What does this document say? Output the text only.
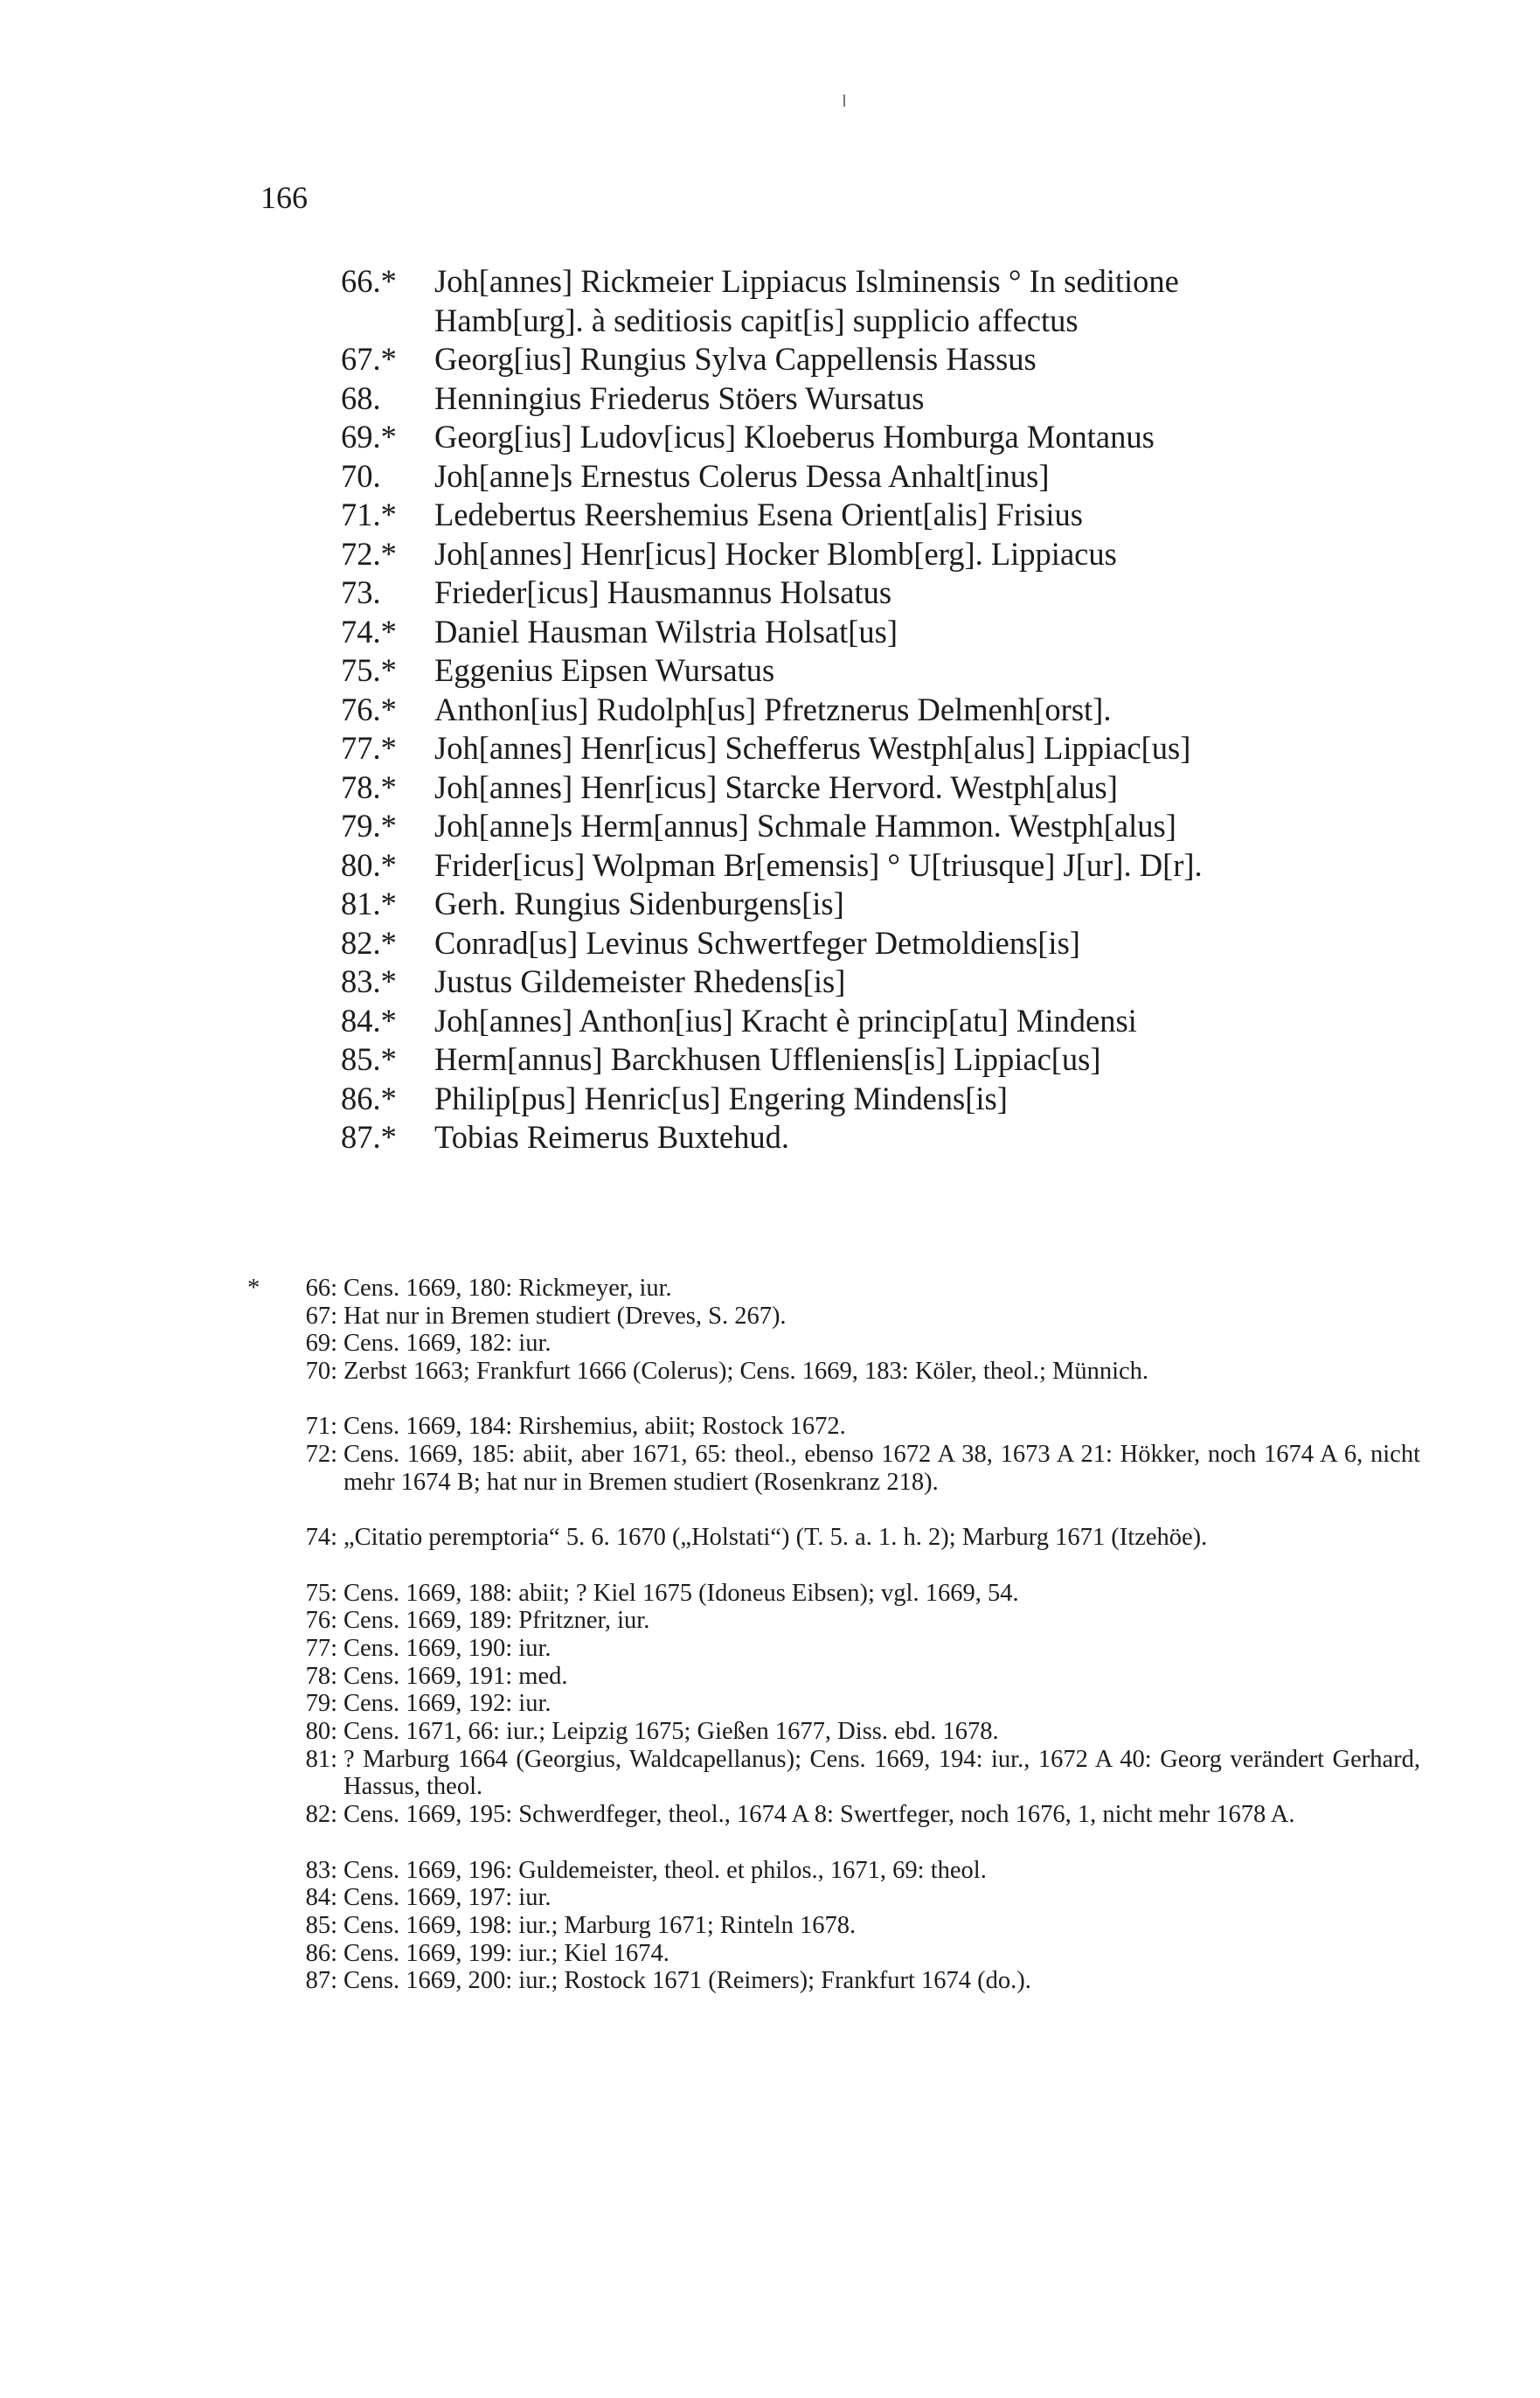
166
66.* Joh[annes] Rickmeier Lippiacus Islminensis ° In seditione
Hamb[urg]. à seditiosis capit[is] supplicio affectus
67.* Georg[ius] Rungius Sylva Cappellensis Hassus
68. Henningius Friederus Stöers Wursatus
69.* Georg[ius] Ludov[icus] Kloeberus Homburga Montanus
70. Joh[anne]s Ernestus Colerus Dessa Anhalt[inus]
71.* Ledebertus Reershemius Esena Orient[alis] Frisius
72.* Joh[annes] Henr[icus] Hocker Blomb[erg]. Lippiacus
73. Frieder[icus] Hausmannus Holsatus
74.* Daniel Hausman Wilstria Holsat[us]
75.* Eggenius Eipsen Wursatus
76.* Anthon[ius] Rudolph[us] Pfretznerus Delmenh[orst].
77.* Joh[annes] Henr[icus] Schefferus Westph[alus] Lippiac[us]
78.* Joh[annes] Henr[icus] Starcke Hervord. Westph[alus]
79.* Joh[anne]s Herm[annus] Schmale Hammon. Westph[alus]
80.* Frider[icus] Wolpman Br[emensis] ° U[triusque] J[ur]. D[r].
81.* Gerh. Rungius Sidenburgens[is]
82.* Conrad[us] Levinus Schwertfeger Detmoldiens[is]
83.* Justus Gildemeister Rhedens[is]
84.* Joh[annes] Anthon[ius] Kracht è princip[atu] Mindensi
85.* Herm[annus] Barckhusen Uffleniens[is] Lippiac[us]
86.* Philip[pus] Henric[us] Engering Mindens[is]
87.* Tobias Reimerus Buxtehud.
*	66: Cens. 1669, 180: Rickmeyer, iur.
67: Hat nur in Bremen studiert (Dreves, S. 267).
69: Cens. 1669, 182: iur.
70: Zerbst 1663; Frankfurt 1666 (Colerus); Cens. 1669, 183: Köler, theol.; Münnich.
71: Cens. 1669, 184: Rirshemius, abiit; Rostock 1672.
72: Cens. 1669, 185: abiit, aber 1671, 65: theol., ebenso 1672 A 38, 1673 A 21: Hökker, noch 1674 A 6, nicht mehr 1674 B; hat nur in Bremen studiert (Rosenkranz 218).
74: „Citatio peremptoria“ 5. 6. 1670 („Holstati“) (T. 5. a. 1. h. 2); Marburg 1671 (Itzehöe).
75: Cens. 1669, 188: abiit; ? Kiel 1675 (Idoneus Eibsen); vgl. 1669, 54.
76: Cens. 1669, 189: Pfritzner, iur.
77: Cens. 1669, 190: iur.
78: Cens. 1669, 191: med.
79: Cens. 1669, 192: iur.
80: Cens. 1671, 66: iur.; Leipzig 1675; Gießen 1677, Diss. ebd. 1678.
81: ? Marburg 1664 (Georgius, Waldcapellanus); Cens. 1669, 194: iur., 1672 A 40: Georg verändert Gerhard, Hassus, theol.
82: Cens. 1669, 195: Schwerdfeger, theol., 1674 A 8: Swertfeger, noch 1676, 1, nicht mehr 1678 A.
83: Cens. 1669, 196: Guldemeister, theol. et philos., 1671, 69: theol.
84: Cens. 1669, 197: iur.
85: Cens. 1669, 198: iur.; Marburg 1671; Rinteln 1678.
86: Cens. 1669, 199: iur.; Kiel 1674.
87: Cens. 1669, 200: iur.; Rostock 1671 (Reimers); Frankfurt 1674 (do.).
